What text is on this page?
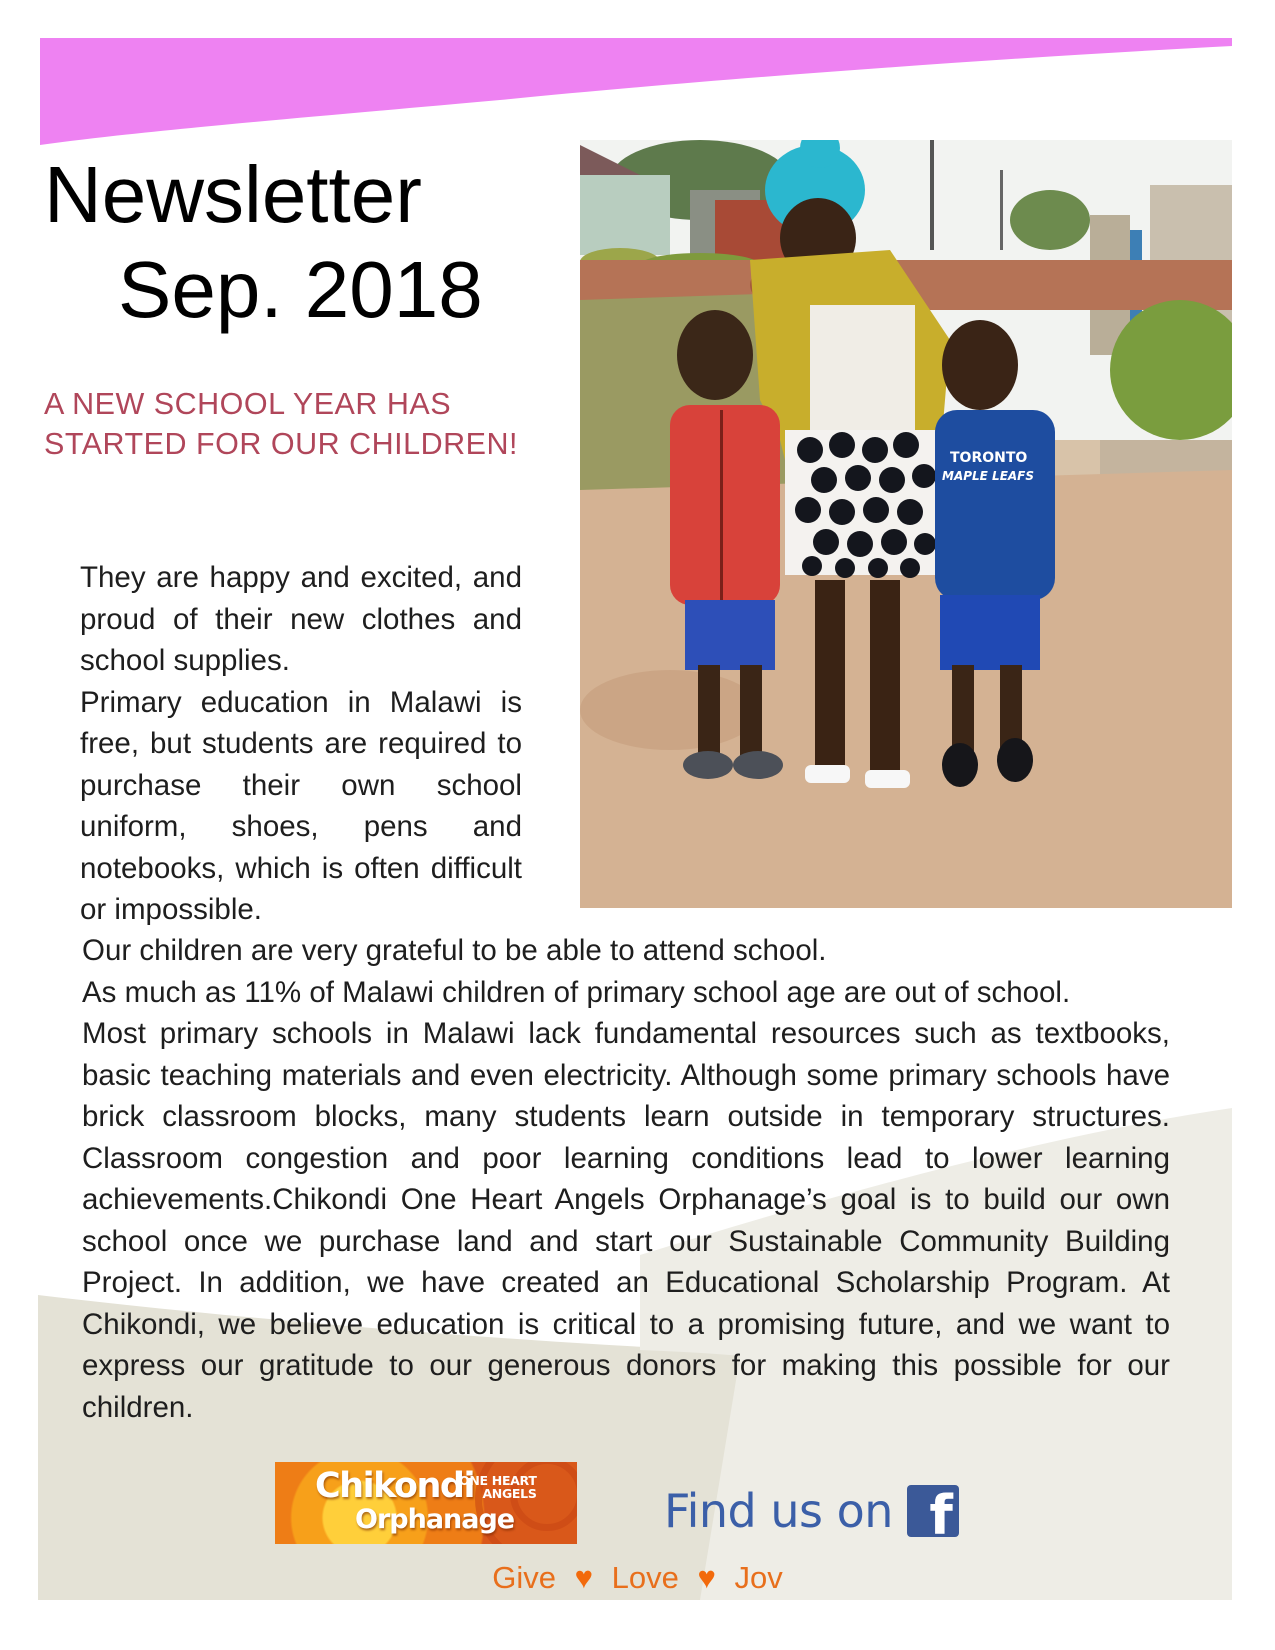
Newsletter
Sep. 2018
A NEW SCHOOL YEAR HAS STARTED FOR OUR CHILDREN!

They are happy and excited, and proud of their new clothes and school supplies.

Primary education in Malawi is free, but students are required to purchase their own school uniform, shoes, pens and notebooks, which is often difficult or impossible.

Our children are very grateful to be able to attend school.

As much as 11% of Malawi children of primary school age are out of school.

Most primary schools in Malawi lack fundamental resources such as textbooks, basic teaching materials and even electricity. Although some primary schools have brick classroom blocks, many students learn outside in temporary structures. Classroom congestion and poor learning conditions lead to lower learning achievements.Chikondi One Heart Angels Orphanage’s goal is to build our own school once we purchase land and start our Sustainable Community Building Project. In addition, we have created an Educational Scholarship Program. At Chikondi, we believe education is critical to a promising future, and we want to express our gratitude to our generous donors for making this possible for our children.

TORONTO
MAPLE LEAFS
Chikondi
ONE HEART
ANGELS
Orphanage	Find us on f
Give ♥ Love ♥ Jov
